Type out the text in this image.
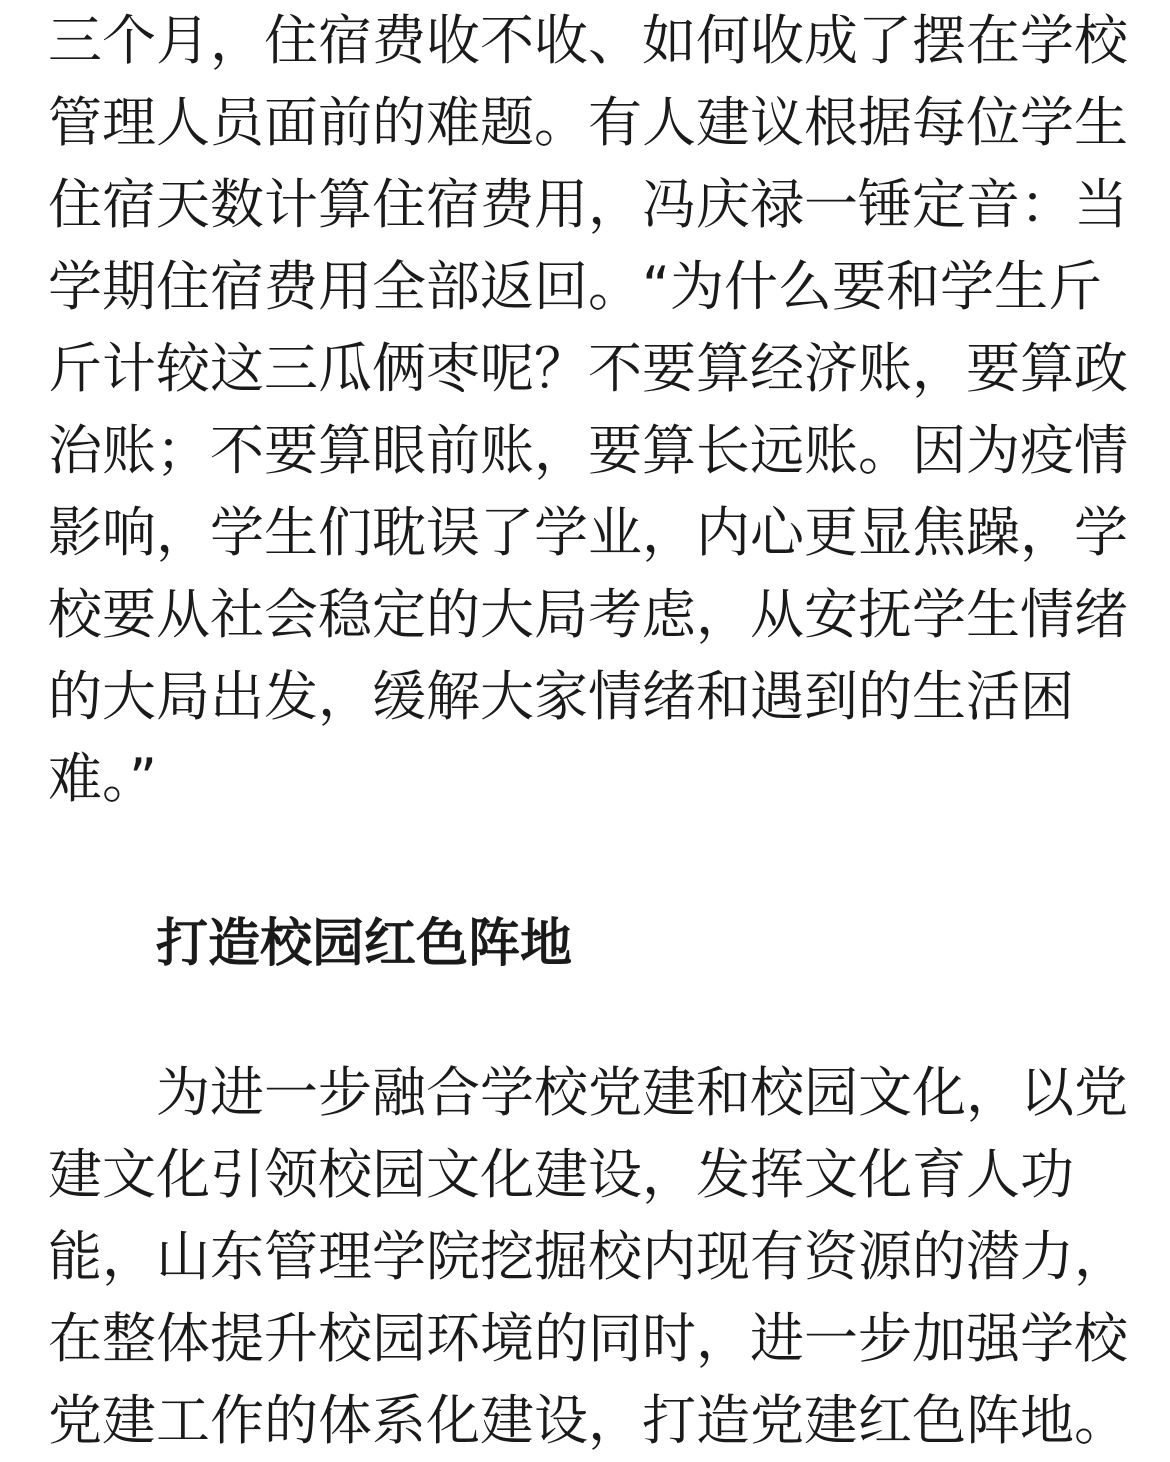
三个月，住宿费收不收、如何收成了摆在学校
管理人员面前的难题。有人建议根据每位学生
住宿天数计算住宿费用，冯庆禄一锤定音：当
学期住宿费用全部返回。“为什么要和学生斤
斤计较这三瓜俩枣呢？不要算经济账，要算政
治账；不要算眼前账，要算长远账。因为疫情
影响，学生们耽误了学业，内心更显焦躁，学
校要从社会稳定的大局考虑，从安抚学生情绪
的大局出发，缓解大家情绪和遇到的生活困
难。”
打造校园红色阵地
为进一步融合学校党建和校园文化，以党
建文化引领校园文化建设，发挥文化育人功
能，山东管理学院挖掘校内现有资源的潜力，
在整体提升校园环境的同时，进一步加强学校
党建工作的体系化建设，打造党建红色阵地。
